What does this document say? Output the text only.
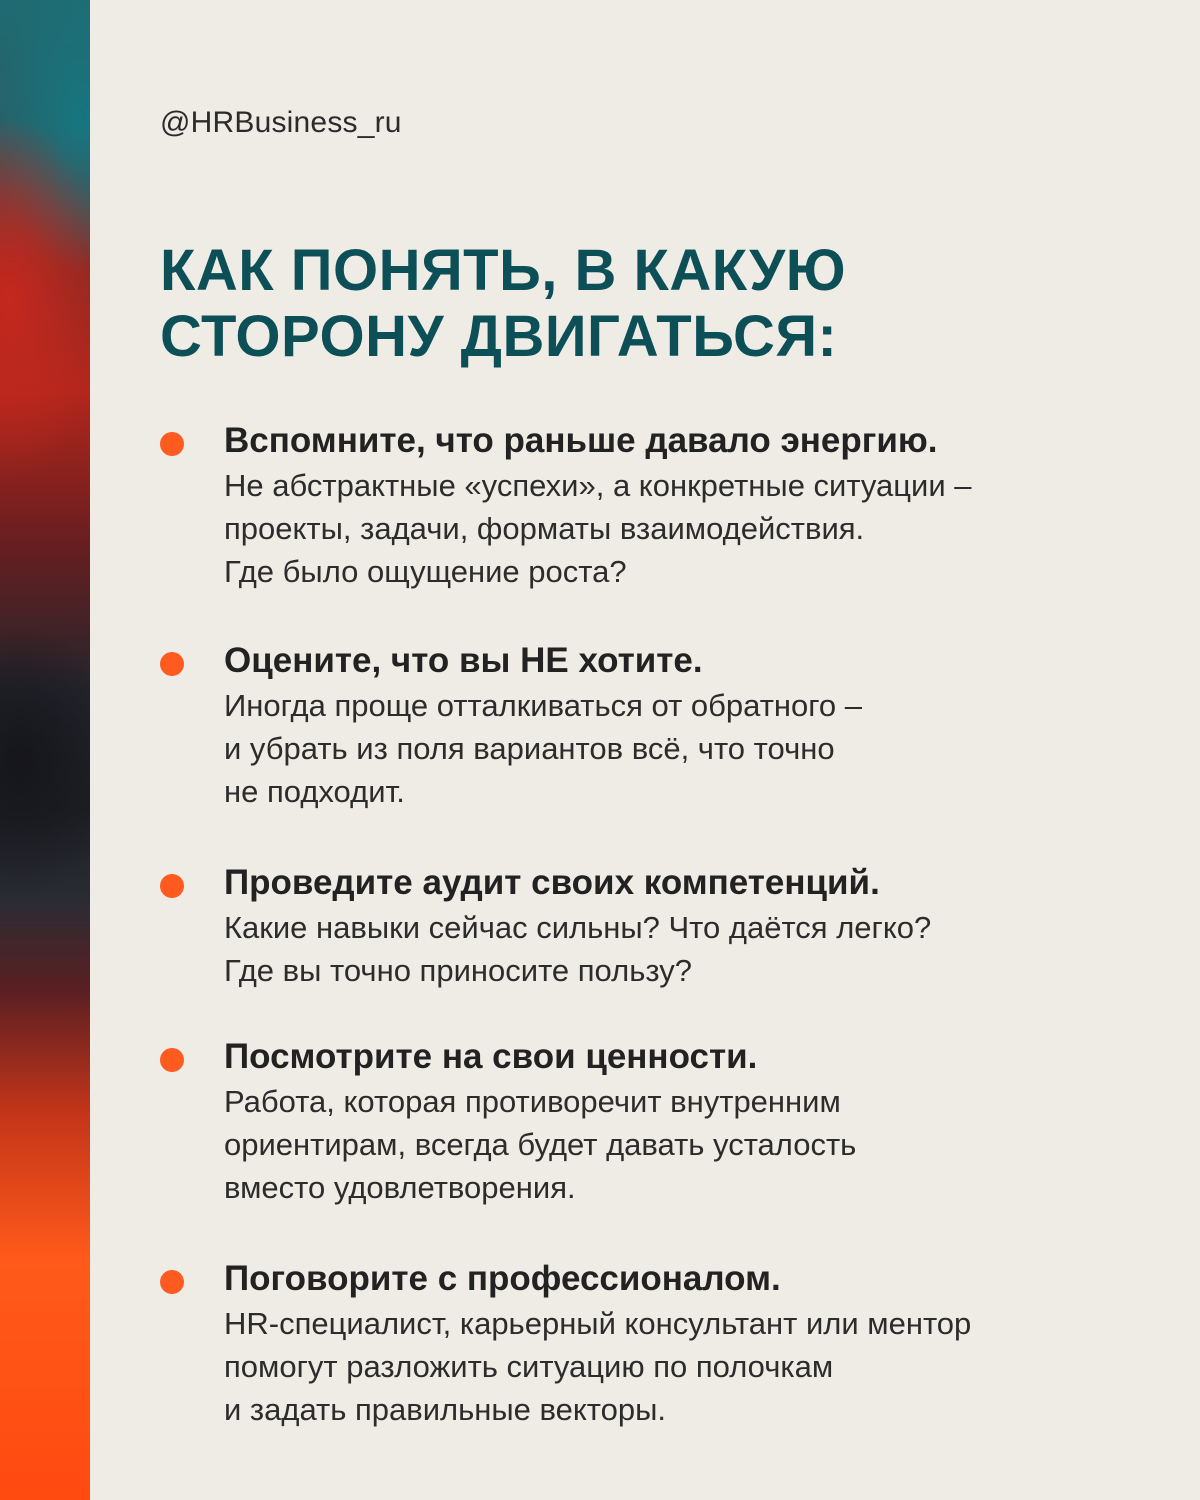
@HRBusiness_ru
КАК ПОНЯТЬ, В КАКУЮ
СТОРОНУ ДВИГАТЬСЯ:
Вспомните, что раньше давало энергию.
Не абстрактные «успехи», а конкретные ситуации –
проекты, задачи, форматы взаимодействия.
Где было ощущение роста?
Оцените, что вы НЕ хотите.
Иногда проще отталкиваться от обратного –
и убрать из поля вариантов всё, что точно
не подходит.
Проведите аудит своих компетенций.
Какие навыки сейчас сильны? Что даётся легко?
Где вы точно приносите пользу?
Посмотрите на свои ценности.
Работа, которая противоречит внутренним
ориентирам, всегда будет давать усталость
вместо удовлетворения.
Поговорите с профессионалом.
HR-специалист, карьерный консультант или ментор
помогут разложить ситуацию по полочкам
и задать правильные векторы.
